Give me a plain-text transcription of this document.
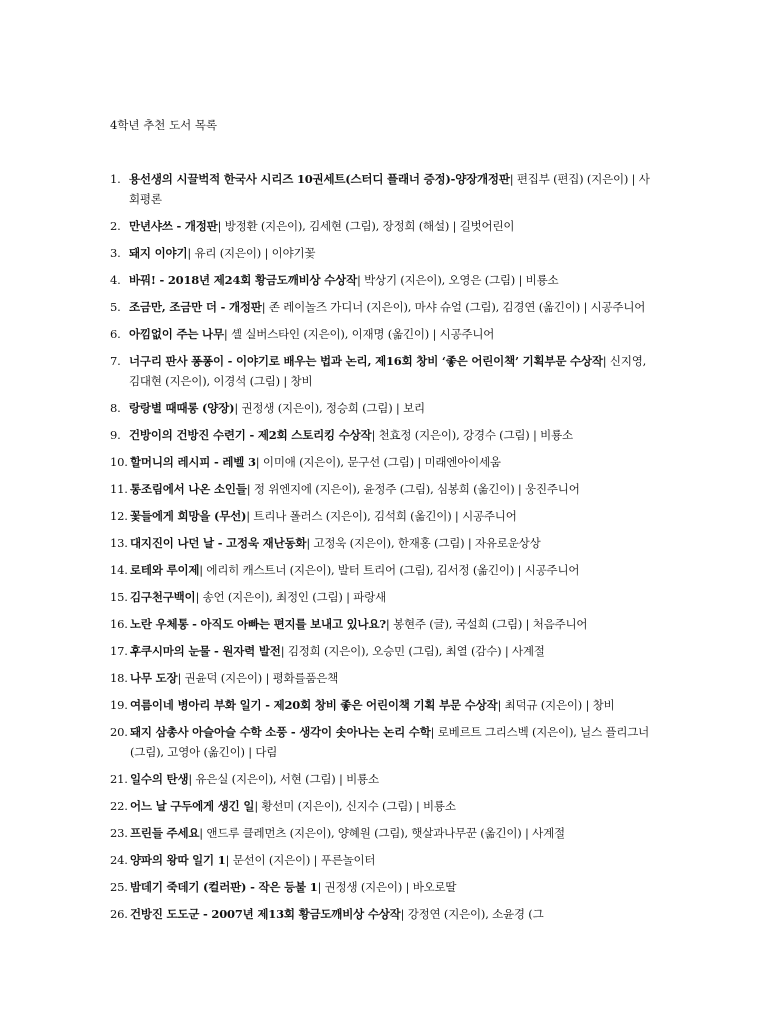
4학년 추천 도서 목록
1. 용선생의 시끌벅적 한국사 시리즈 10권세트(스터디 플래너 증정)-양장개정판| 편집부 (편집) (지은이) | 사회평론
2. 만년샤쓰 - 개정판| 방정환 (지은이), 김세현 (그림), 장정희 (해설) | 길벗어린이
3. 돼지 이야기| 유리 (지은이) | 이야기꽃
4. 바꿔! - 2018년 제24회 황금도깨비상 수상작| 박상기 (지은이), 오영은 (그림) | 비룡소
5. 조금만, 조금만 더 - 개정판| 존 레이놀즈 가디너 (지은이), 마샤 슈얼 (그림), 김경연 (옮긴이) | 시공주니어
6. 아낌없이 주는 나무| 셸 실버스타인 (지은이), 이재명 (옮긴이) | 시공주니어
7. 너구리 판사 퐁퐁이 - 이야기로 배우는 법과 논리, 제16회 창비 ‘좋은 어린이책’ 기획부문 수상작| 신지영, 김대현 (지은이), 이경석 (그림) | 창비
8. 랑랑별 때때롱 (양장)| 권정생 (지은이), 정승희 (그림) | 보리
9. 건방이의 건방진 수련기 - 제2회 스토리킹 수상작| 천효정 (지은이), 강경수 (그림) | 비룡소
10. 할머니의 레시피 - 레벨 3| 이미애 (지은이), 문구선 (그림) | 미래엔아이세움
11. 통조림에서 나온 소인들| 정 위엔지에 (지은이), 윤정주 (그림), 심봉희 (옮긴이) | 웅진주니어
12. 꽃들에게 희망을 (무선)| 트리나 폴러스 (지은이), 김석희 (옮긴이) | 시공주니어
13. 대지진이 나던 날 - 고정욱 재난동화| 고정욱 (지은이), 한재홍 (그림) | 자유로운상상
14. 로테와 루이제| 에리히 캐스트너 (지은이), 발터 트리어 (그림), 김서정 (옮긴이) | 시공주니어
15. 김구천구백이| 송언 (지은이), 최정인 (그림) | 파랑새
16. 노란 우체통 - 아직도 아빠는 편지를 보내고 있나요?| 봉현주 (글), 국설희 (그림) | 처음주니어
17. 후쿠시마의 눈물 - 원자력 발전| 김정희 (지은이), 오승민 (그림), 최열 (감수) | 사계절
18. 나무 도장| 권윤덕 (지은이) | 평화를품은책
19. 여름이네 병아리 부화 일기 - 제20회 창비 좋은 어린이책 기획 부문 수상작| 최덕규 (지은이) | 창비
20. 돼지 삼총사 아슬아슬 수학 소풍 - 생각이 솟아나는 논리 수학| 로베르트 그리스벡 (지은이), 닐스 플리그너 (그림), 고영아 (옮긴이) | 다림
21. 일수의 탄생| 유은실 (지은이), 서현 (그림) | 비룡소
22. 어느 날 구두에게 생긴 일| 황선미 (지은이), 신지수 (그림) | 비룡소
23. 프린들 주세요| 앤드루 클레먼츠 (지은이), 양혜원 (그림), 햇살과나무꾼 (옮긴이) | 사계절
24. 양파의 왕따 일기 1| 문선이 (지은이) | 푸른놀이터
25. 밤데기 죽데기 (컬러판) - 작은 등불 1| 권정생 (지은이) | 바오로딸
26. 건방진 도도군 - 2007년 제13회 황금도깨비상 수상작| 강정연 (지은이), 소윤경 (그
